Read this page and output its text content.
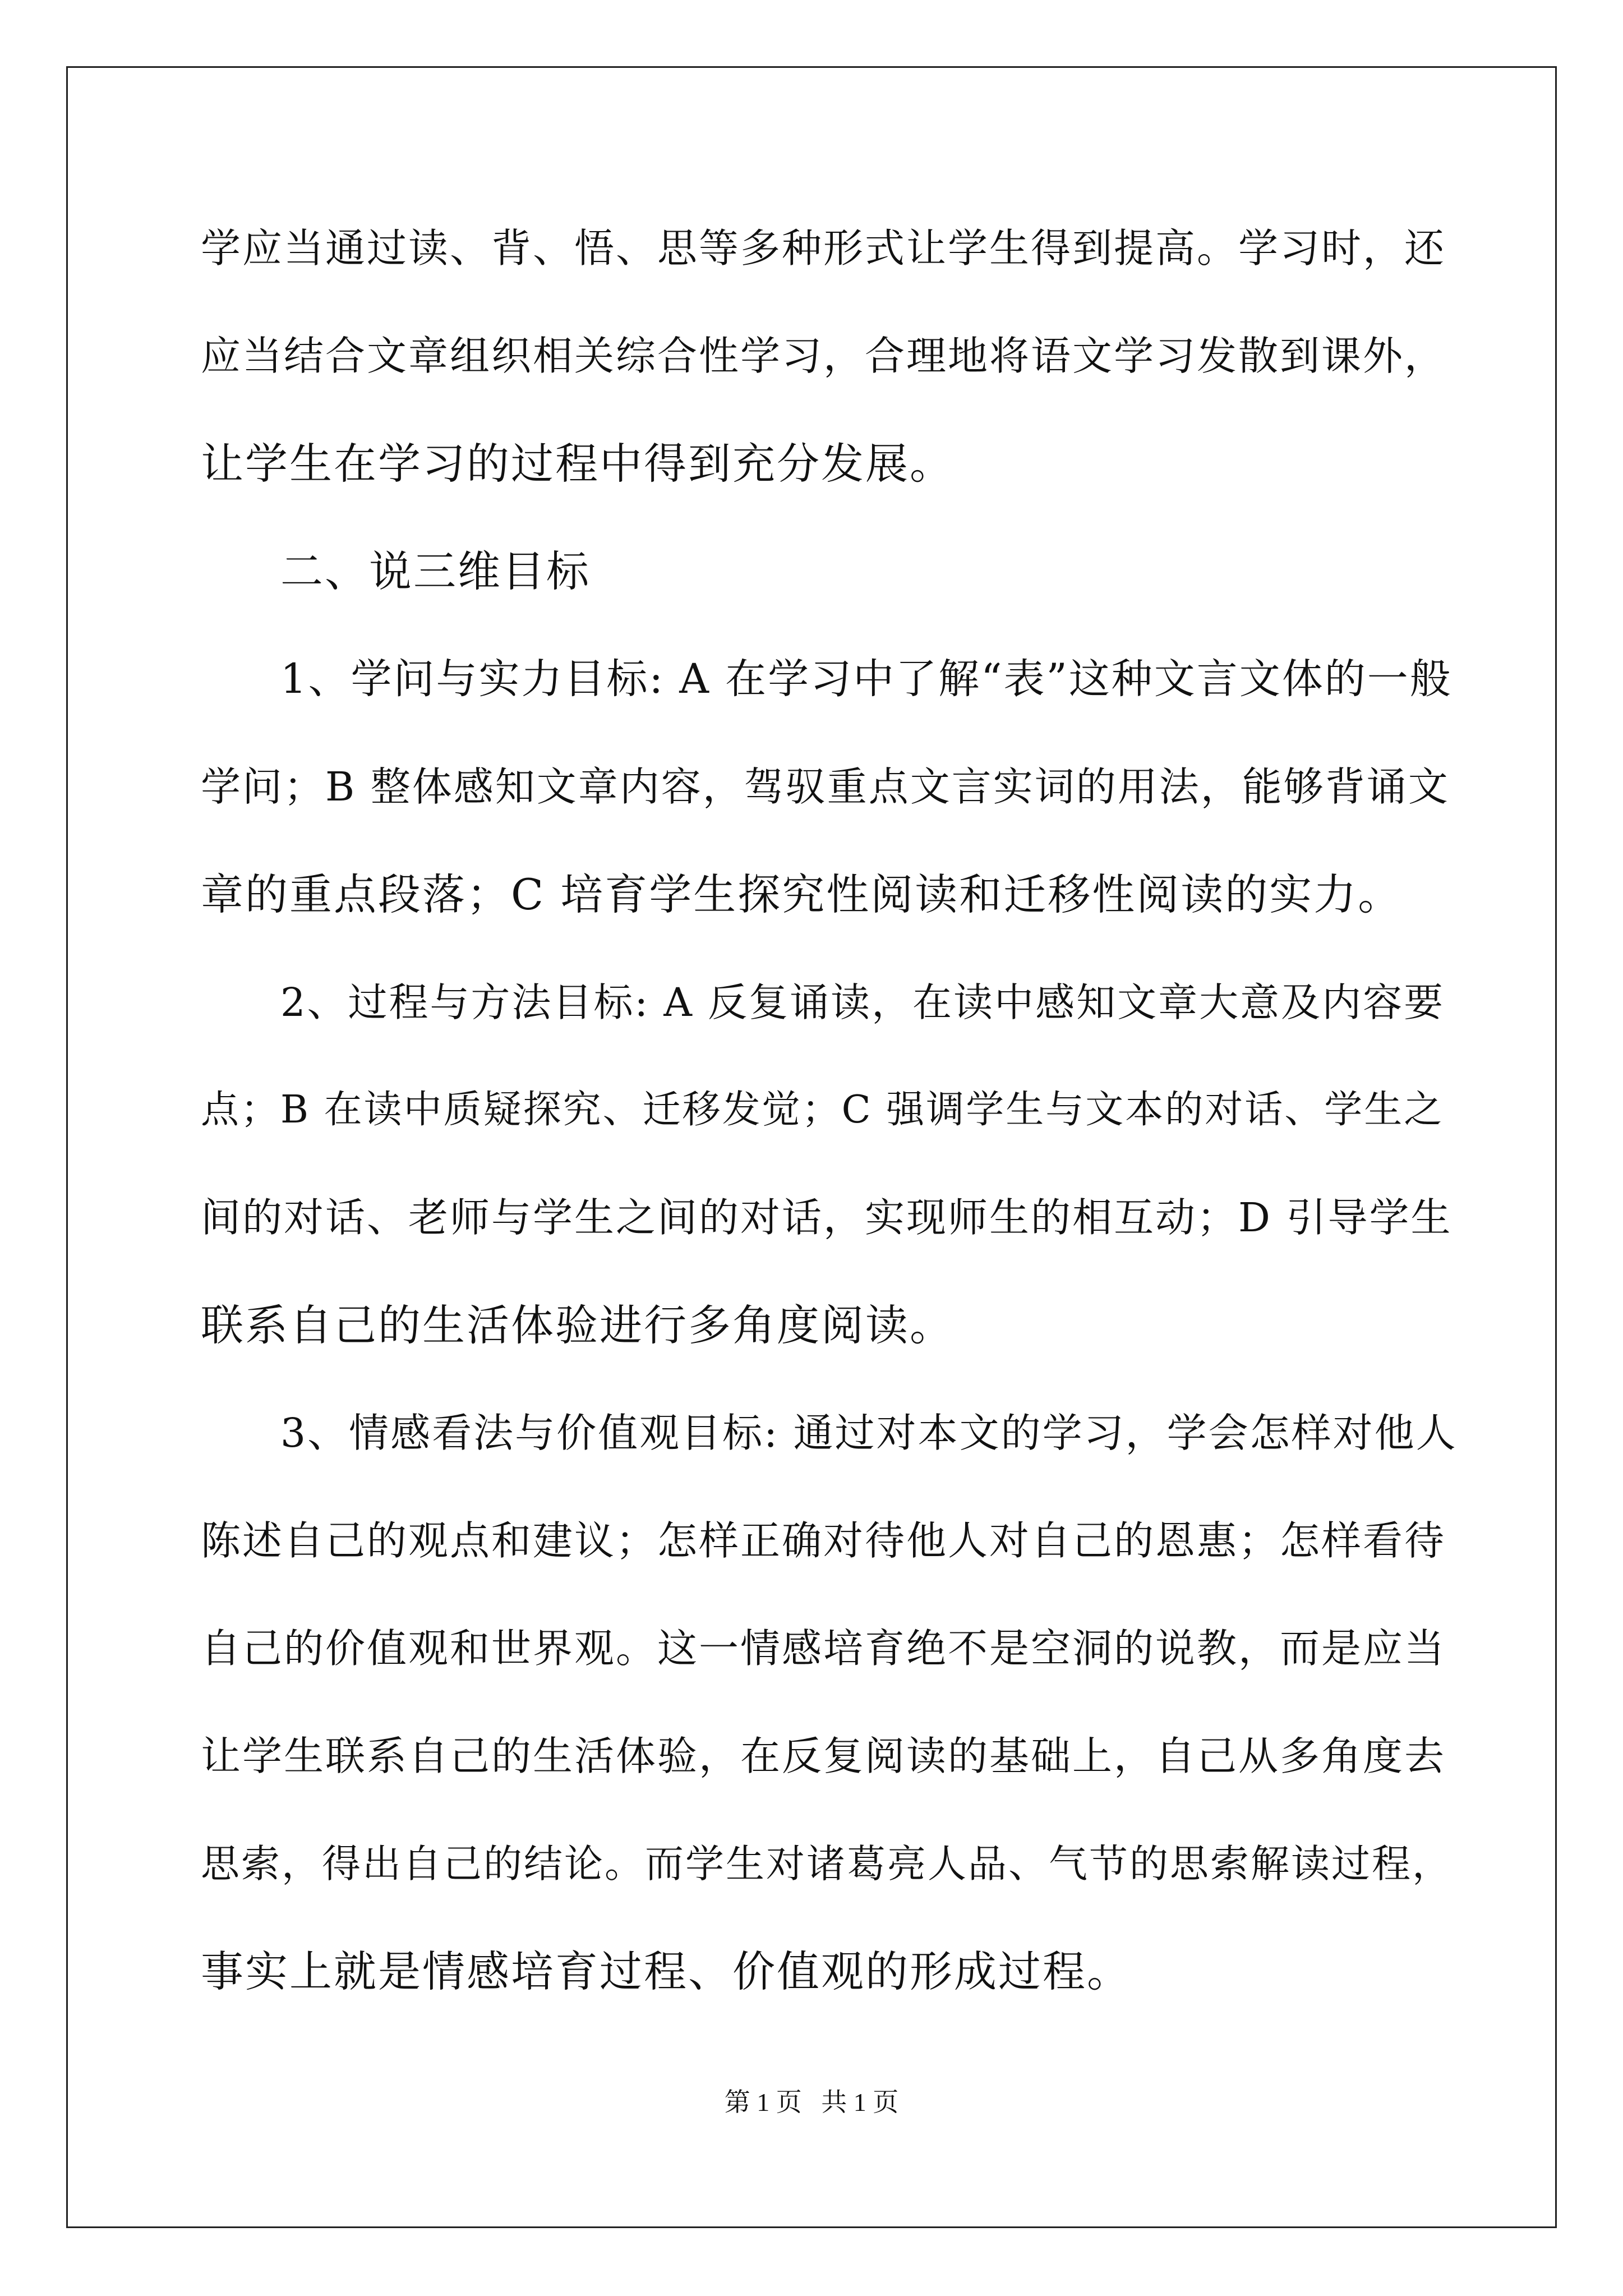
学应当通过读、背、悟、思等多种形式让学生得到提高。学习时，还
应当结合文章组织相关综合性学习，合理地将语文学习发散到课外，
让学生在学习的过程中得到充分发展。
二、说三维目标
1、学问与实力目标: A 在学习中了解“表”这种文言文体的一般
学问；B 整体感知文章内容，驾驭重点文言实词的用法，能够背诵文
章的重点段落；C 培育学生探究性阅读和迁移性阅读的实力。
2、过程与方法目标: A 反复诵读，在读中感知文章大意及内容要
点；B 在读中质疑探究、迁移发觉；C 强调学生与文本的对话、学生之
间的对话、老师与学生之间的对话，实现师生的相互动；D 引导学生
联系自己的生活体验进行多角度阅读。
3、情感看法与价值观目标: 通过对本文的学习，学会怎样对他人
陈述自己的观点和建议；怎样正确对待他人对自己的恩惠；怎样看待
自己的价值观和世界观。这一情感培育绝不是空洞的说教，而是应当
让学生联系自己的生活体验，在反复阅读的基础上，自己从多角度去
思索，得出自己的结论。而学生对诸葛亮人品、气节的思索解读过程，
事实上就是情感培育过程、价值观的形成过程。
第 1 页   共 1 页
